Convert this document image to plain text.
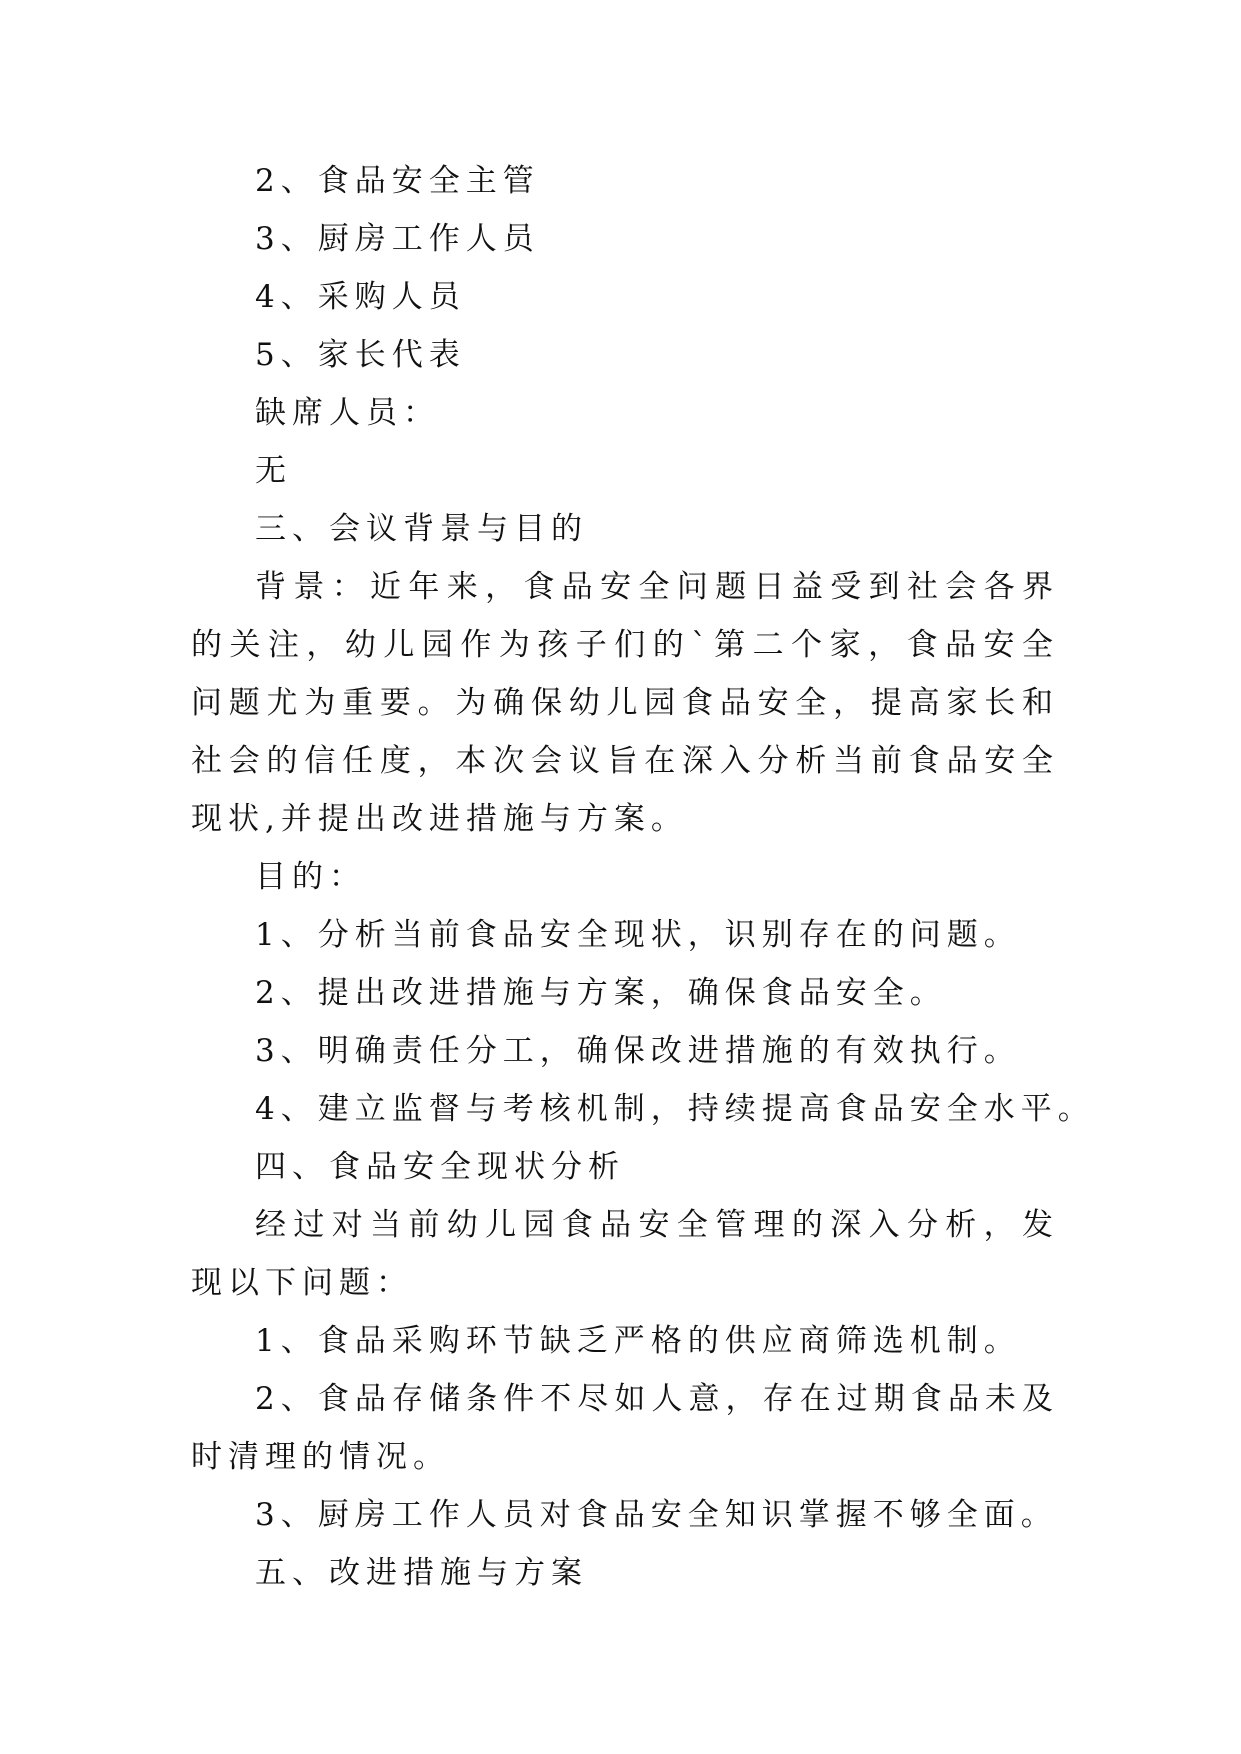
2、食品安全主管
3、厨房工作人员
4、采购人员
5、家长代表
缺席人员：
无
三、会议背景与目的

背景：近年来，食品安全问题日益受到社会各界的关注，幼儿园作为孩子们的`第二个家，食品安全问题尤为重要。为确保幼儿园食品安全，提高家长和社会的信任度，本次会议旨在深入分析当前食品安全现状,并提出改进措施与方案。

目的：
1、分析当前食品安全现状，识别存在的问题。
2、提出改进措施与方案，确保食品安全。
3、明确责任分工，确保改进措施的有效执行。
4、建立监督与考核机制，持续提高食品安全水平。
四、食品安全现状分析

经过对当前幼儿园食品安全管理的深入分析，发现以下问题：

1、食品采购环节缺乏严格的供应商筛选机制。

2、食品存储条件不尽如人意，存在过期食品未及时清理的情况。

3、厨房工作人员对食品安全知识掌握不够全面。
五、改进措施与方案
